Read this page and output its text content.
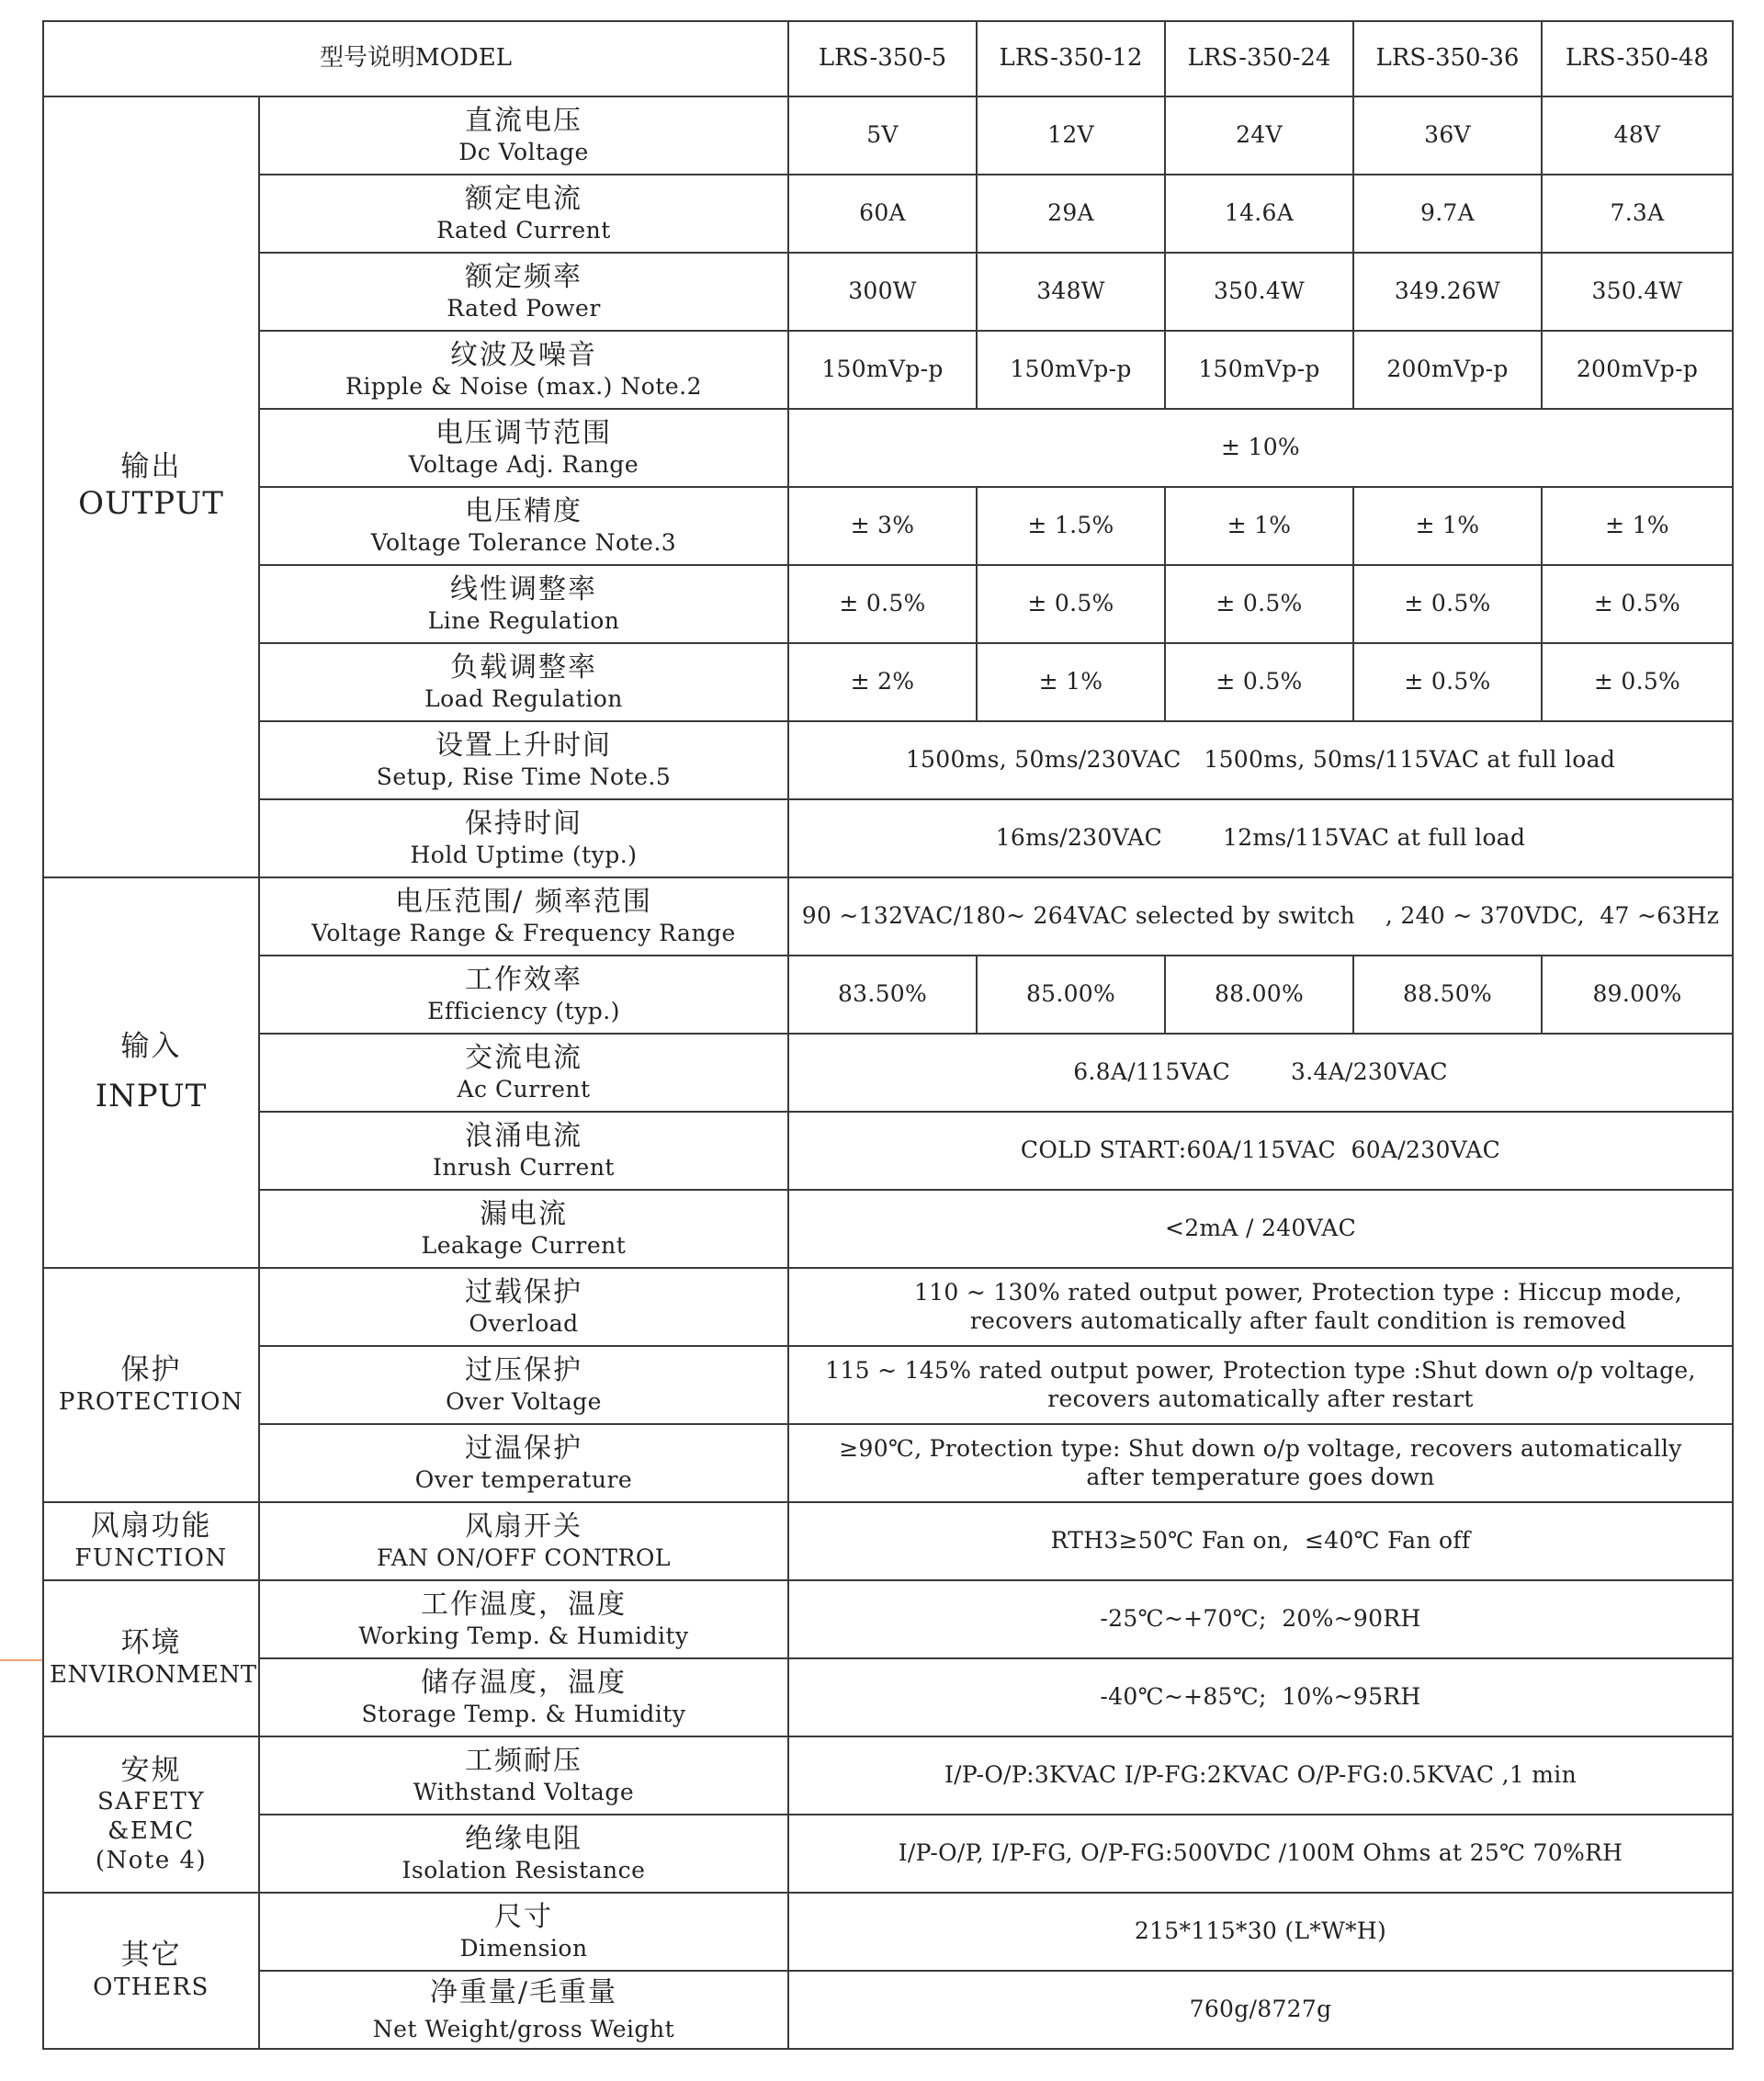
型号说明MODEL		LRS-350-5	LRS-350-12	LRS-350-24	LRS-350-36	LRS-350-48

输出
OUTPUT	直流电压
Dc Voltage	5V	12V	24V	36V	48V

	额定电流
Rated Current	60A	29A	14.6A	9.7A	7.3A

	额定频率
Rated Power	300W	348W	350.4W	349.26W	350.4W

	纹波及噪音
Ripple & Noise (max.) Note.2	150mVp-p	150mVp-p	150mVp-p	200mVp-p	200mVp-p

	电压调节范围
Voltage Adj. Range	± 10%				

	电压精度
Voltage Tolerance Note.3	± 3%	± 1.5%	± 1%	± 1%	± 1%

	线性调整率
Line Regulation	± 0.5%	± 0.5%	± 0.5%	± 0.5%	± 0.5%

	负载调整率
Load Regulation	± 2%	± 1%	± 0.5%	± 0.5%	± 0.5%

	设置上升时间
Setup, Rise Time Note.5	1500ms, 50ms/230VAC   1500ms, 50ms/115VAC at full load				

	保持时间
Hold Uptime (typ.)	16ms/230VAC        12ms/115VAC at full load				

输入
INPUT	电压范围/ 频率范围
Voltage Range & Frequency Range	90 ~132VAC/180~ 264VAC selected by switch    , 240 ~ 370VDC,  47 ~63Hz				

	工作效率
Efficiency (typ.)	83.50%	85.00%	88.00%	88.50%	89.00%

	交流电流
Ac Current	6.8A/115VAC        3.4A/230VAC				

	浪涌电流
Inrush Current	COLD START:60A/115VAC  60A/230VAC				

	漏电流
Leakage Current	<2mA / 240VAC				

保护
PROTECTION	过载保护
Overload	110 ~ 130% rated output power, Protection type : Hiccup mode,
recovers automatically after fault condition is removed				

	过压保护
Over Voltage	115 ~ 145% rated output power, Protection type :Shut down o/p voltage,
recovers automatically after restart				

	过温保护
Over temperature	≥90℃, Protection type: Shut down o/p voltage, recovers automatically
after temperature goes down				

风扇功能
FUNCTION	风扇开关
FAN ON/OFF CONTROL	RTH3≥50℃ Fan on,  ≤40℃ Fan off				

环境
ENVIRONMENT	工作温度，温度
Working Temp. & Humidity	-25℃~+70℃;  20%~90RH				

	储存温度，温度
Storage Temp. & Humidity	-40℃~+85℃;  10%~95RH				

安规
SAFETY &EMC
(Note 4)	工频耐压
Withstand Voltage	I/P-O/P:3KVAC I/P-FG:2KVAC O/P-FG:0.5KVAC ,1 min				

	绝缘电阻
Isolation Resistance	I/P-O/P, I/P-FG, O/P-FG:500VDC /100M Ohms at 25℃ 70%RH				

其它
OTHERS	尺寸
Dimension	215*115*30 (L*W*H)				

	净重量/毛重量
Net Weight/gross Weight	760g/8727g				
